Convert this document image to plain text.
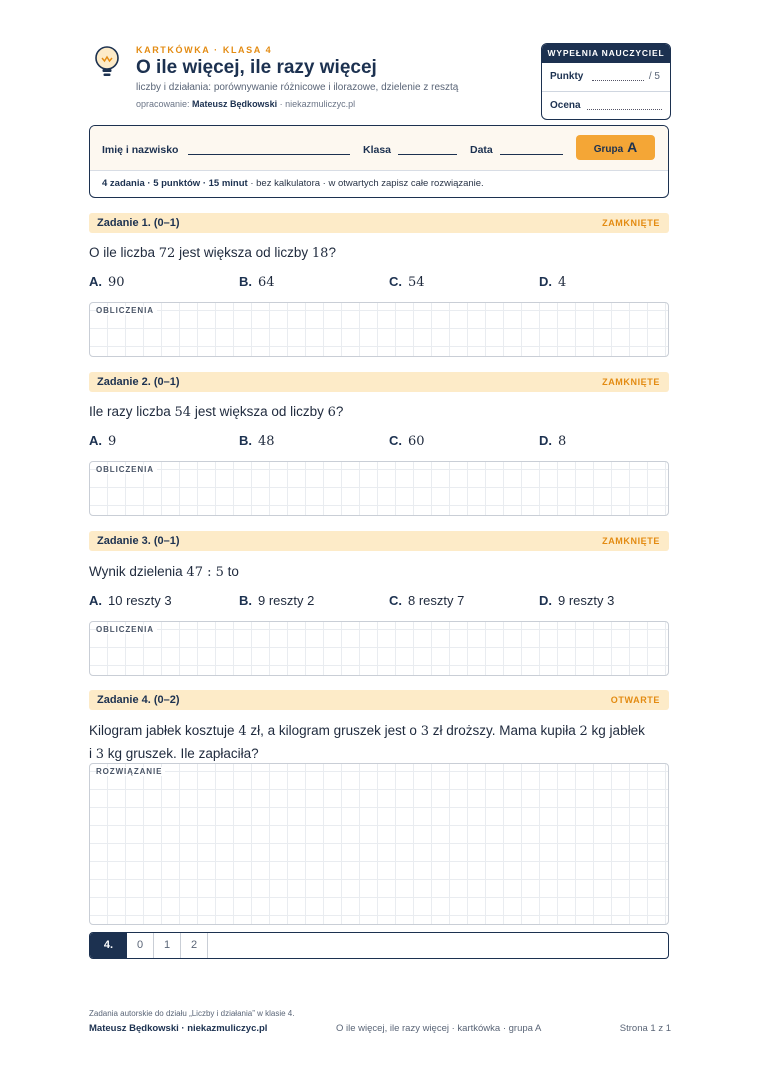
KARTKÓWKA · KLASA 4
O ile więcej, ile razy więcej
liczby i działania: porównywanie różnicowe i ilorazowe, dzielenie z resztą
opracowanie: Mateusz Będkowski · niekazmuliczyc.pl
WYPEŁNIA NAUCZYCIEL
Punkty	/ 5
Ocena
Imię i nazwisko	Klasa	Data	Grupa A
4 zadania · 5 punktów · 15 minut · bez kalkulatora · w otwartych zapisz całe rozwiązanie.
Zadanie 1. (0–1)	ZAMKNIĘTE
O ile liczba 72 jest większa od liczby 18?
A. 90	B. 64	C. 54	D. 4
OBLICZENIA
Zadanie 2. (0–1)	ZAMKNIĘTE
Ile razy liczba 54 jest większa od liczby 6?
A. 9	B. 48	C. 60	D. 8
OBLICZENIA
Zadanie 3. (0–1)	ZAMKNIĘTE
Wynik dzielenia 47 : 5 to
A. 10 reszty 3	B. 9 reszty 2	C. 8 reszty 7	D. 9 reszty 3
OBLICZENIA
Zadanie 4. (0–2)	OTWARTE
Kilogram jabłek kosztuje 4 zł, a kilogram gruszek jest o 3 zł droższy. Mama kupiła 2 kg jabłek
i 3 kg gruszek. Ile zapłaciła?
ROZWIĄZANIE
4.	0	1	2
Zadania autorskie do działu „Liczby i działania” w klasie 4.
Mateusz Będkowski · niekazmuliczyc.pl	O ile więcej, ile razy więcej · kartkówka · grupa A	Strona 1 z 1
